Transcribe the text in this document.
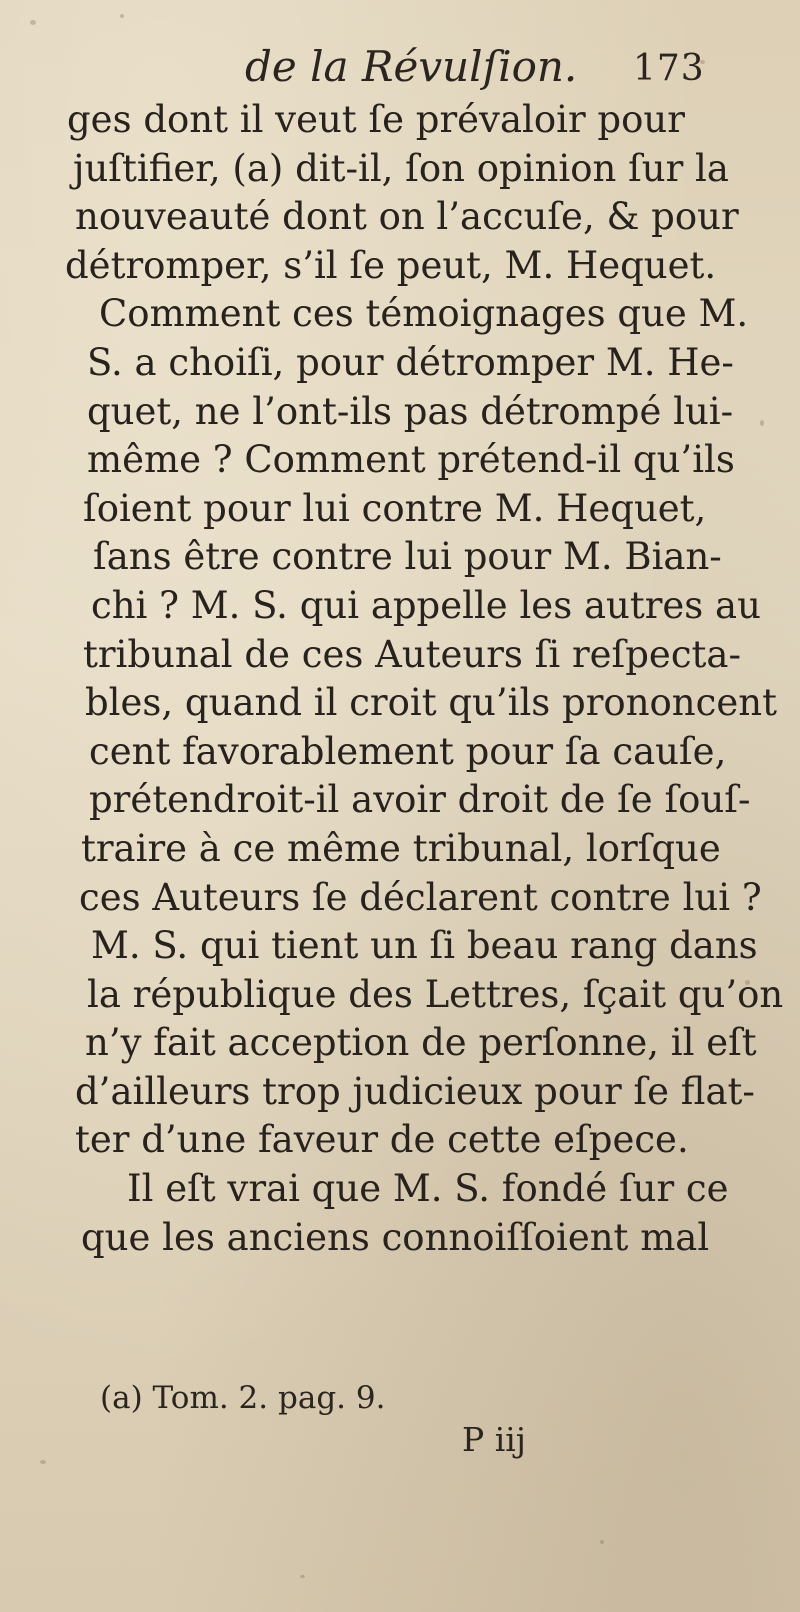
de la Révulſion. 173
ges dont il veut ſe prévaloir pour
juſtifier, (a) dit-il, ſon opinion ſur la
nouveauté dont on l’accuſe, & pour
détromper, s’il ſe peut, M. Hequet.
Comment ces témoignages que M.
S. a choiſi, pour détromper M. He-
quet, ne l’ont-ils pas détrompé lui-
même ? Comment prétend-il qu’ils
ſoient pour lui contre M. Hequet,
ſans être contre lui pour M. Bian-
chi ? M. S. qui appelle les autres au
tribunal de ces Auteurs ſi reſpecta-
bles, quand il croit qu’ils prononcent
cent favorablement pour ſa cauſe,
prétendroit-il avoir droit de ſe ſouſ-
traire à ce même tribunal, lorſque
ces Auteurs ſe déclarent contre lui ?
M. S. qui tient un ſi beau rang dans
la république des Lettres, ſçait qu’on
n’y fait acception de perſonne, il eſt
d’ailleurs trop judicieux pour ſe flat-
ter d’une faveur de cette eſpece.
Il eſt vrai que M. S. fondé ſur ce
que les anciens connoiſſoient mal
(a) Tom. 2. pag. 9.
P iij
